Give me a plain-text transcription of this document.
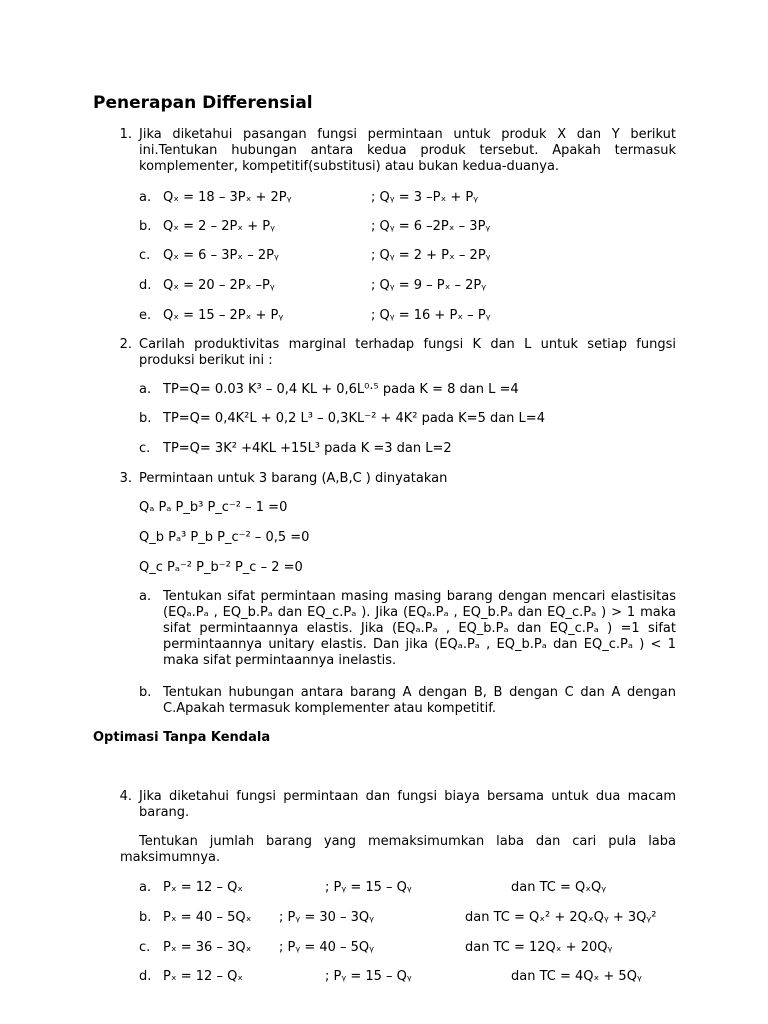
Penerapan Differensial
1. Jika diketahui pasangan fungsi permintaan untuk produk X dan Y berikut ini.Tentukan hubungan antara kedua produk tersebut. Apakah termasuk komplementer, kompetitif(substitusi) atau bukan kedua-duanya.
a. Qₓ = 18 – 3Pₓ + 2Pᵧ	; Qᵧ = 3 –Pₓ + Pᵧ
b. Qₓ = 2 – 2Pₓ + Pᵧ	; Qᵧ = 6 –2Pₓ – 3Pᵧ
c. Qₓ = 6 – 3Pₓ – 2Pᵧ	; Qᵧ = 2 + Pₓ – 2Pᵧ
d. Qₓ = 20 – 2Pₓ –Pᵧ	; Qᵧ = 9 – Pₓ – 2Pᵧ
e. Qₓ = 15 – 2Pₓ + Pᵧ	; Qᵧ = 16 + Pₓ – Pᵧ
2. Carilah produktivitas marginal terhadap fungsi K dan L untuk setiap fungsi produksi berikut ini :
a. TP=Q= 0.03 K³ – 0,4 KL + 0,6L⁰·⁵ pada K = 8 dan L =4
b. TP=Q= 0,4K²L + 0,2 L³ – 0,3KL⁻² + 4K² pada K=5 dan L=4
c. TP=Q= 3K² +4KL +15L³ pada K =3 dan L=2
3. Permintaan untuk 3 barang (A,B,C ) dinyatakan
Qₐ Pₐ P_b³ P_c⁻² – 1 =0
Q_b Pₐ³ P_b P_c⁻² – 0,5 =0
Q_c Pₐ⁻² P_b⁻² P_c – 2 =0
a. Tentukan sifat permintaan masing masing barang dengan mencari elastisitas (EQₐ.Pₐ , EQ_b.Pₐ dan EQ_c.Pₐ ). Jika (EQₐ.Pₐ , EQ_b.Pₐ dan EQ_c.Pₐ ) > 1 maka sifat permintaannya elastis. Jika (EQₐ.Pₐ , EQ_b.Pₐ dan EQ_c.Pₐ ) =1 sifat permintaannya unitary elastis. Dan jika (EQₐ.Pₐ , EQ_b.Pₐ dan EQ_c.Pₐ ) < 1 maka sifat permintaannya inelastis.
b. Tentukan hubungan antara barang A dengan B, B dengan C dan A dengan C.Apakah termasuk komplementer atau kompetitif.
Optimasi Tanpa Kendala
4. Jika diketahui fungsi permintaan dan fungsi biaya bersama untuk dua macam barang.
Tentukan jumlah barang yang memaksimumkan laba dan cari pula laba maksimumnya.
a. Pₓ = 12 – Qₓ	; Pᵧ = 15 – Qᵧ	dan TC = QₓQᵧ
b. Pₓ = 40 – 5Qₓ ; Pᵧ = 30 – 3Qᵧ	dan TC = Qₓ² + 2QₓQᵧ + 3Qᵧ²
c. Pₓ = 36 – 3Qₓ ; Pᵧ = 40 – 5Qᵧ	dan TC = 12Qₓ + 20Qᵧ
d. Pₓ = 12 – Qₓ	; Pᵧ = 15 – Qᵧ	dan TC = 4Qₓ + 5Qᵧ
